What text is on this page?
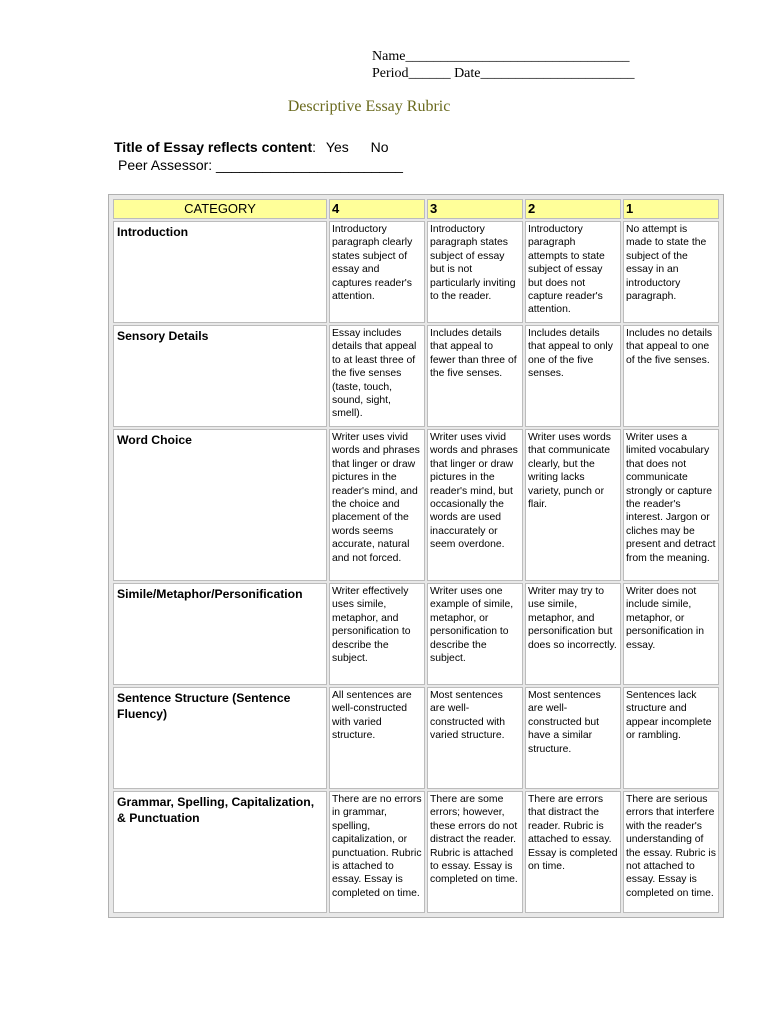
Name________________________________
Period______ Date______________________
Descriptive Essay Rubric
Title of Essay reflects content: Yes No
Peer Assessor: ________________________
CATEGORY	4	3	2	1
Introduction	Introductory paragraph clearly states subject of essay and captures reader's attention.	Introductory paragraph states subject of essay but is not particularly inviting to the reader.	Introductory paragraph attempts to state subject of essay but does not capture reader's attention.	No attempt is made to state the subject of the essay in an introductory paragraph.
Sensory Details	Essay includes details that appeal to at least three of the five senses (taste, touch, sound, sight, smell).	Includes details that appeal to fewer than three of the five senses.	Includes details that appeal to only one of the five senses.	Includes no details that appeal to one of the five senses.
Word Choice	Writer uses vivid words and phrases that linger or draw pictures in the reader's mind, and the choice and placement of the words seems accurate, natural and not forced.	Writer uses vivid words and phrases that linger or draw pictures in the reader's mind, but occasionally the words are used inaccurately or seem overdone.	Writer uses words that communicate clearly, but the writing lacks variety, punch or flair.	Writer uses a limited vocabulary that does not communicate strongly or capture the reader's interest. Jargon or cliches may be present and detract from the meaning.
Simile/Metaphor/Personification	Writer effectively uses simile, metaphor, and personification to describe the subject.	Writer uses one example of simile, metaphor, or personification to describe the subject.	Writer may try to use simile, metaphor, and personification but does so incorrectly.	Writer does not include simile, metaphor, or personification in essay.
Sentence Structure (Sentence Fluency)	All sentences are well-constructed with varied structure.	Most sentences are well-constructed with varied structure.	Most sentences are well-constructed but have a similar structure.	Sentences lack structure and appear incomplete or rambling.
Grammar, Spelling, Capitalization, & Punctuation	There are no errors in grammar, spelling, capitalization, or punctuation. Rubric is attached to essay. Essay is completed on time.	There are some errors; however, these errors do not distract the reader. Rubric is attached to essay. Essay is completed on time.	There are errors that distract the reader. Rubric is attached to essay. Essay is completed on time.	There are serious errors that interfere with the reader's understanding of the essay. Rubric is not attached to essay. Essay is completed on time.
